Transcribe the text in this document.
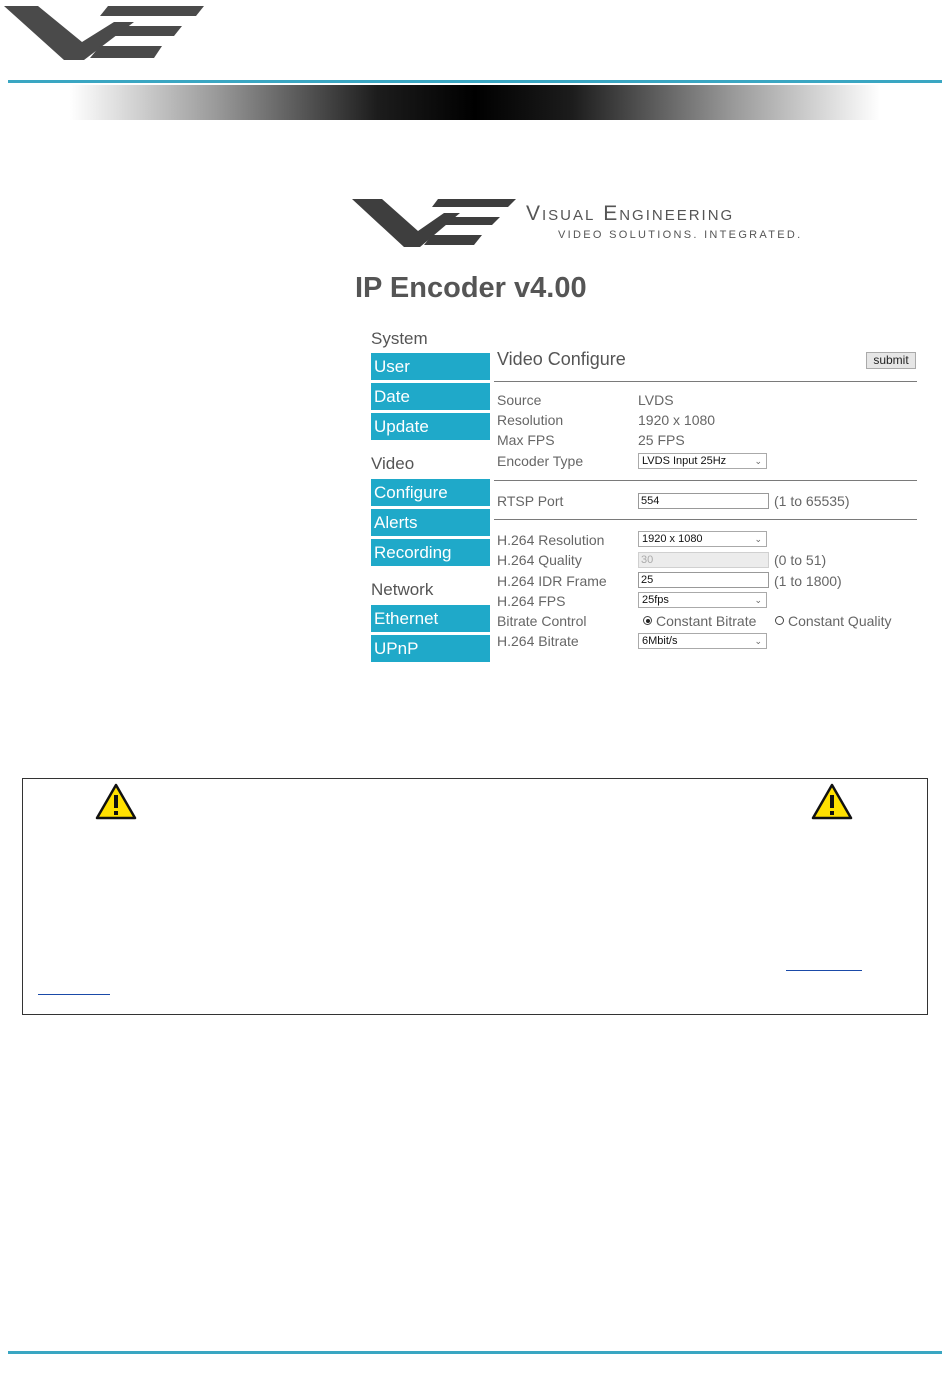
Visual Engineering
VIDEO SOLUTIONS. INTEGRATED.
IP Encoder v4.00
System
User
Date
Update
Video
Configure
Alerts
Recording
Network
Ethernet
UPnP
Video Configure	submit
Source	LVDS
Resolution	1920 x 1080
Max FPS	25 FPS
Encoder Type	LVDS Input 25Hz	⌄
RTSP Port	554	(1 to 65535)
H.264 Resolution	1920 x 1080	⌄
H.264 Quality	30	(0 to 51)
H.264 IDR Frame	25	(1 to 1800)
H.264 FPS	25fps	⌄
Bitrate Control	Constant Bitrate Constant Quality
H.264 Bitrate	6Mbit/s	⌄
